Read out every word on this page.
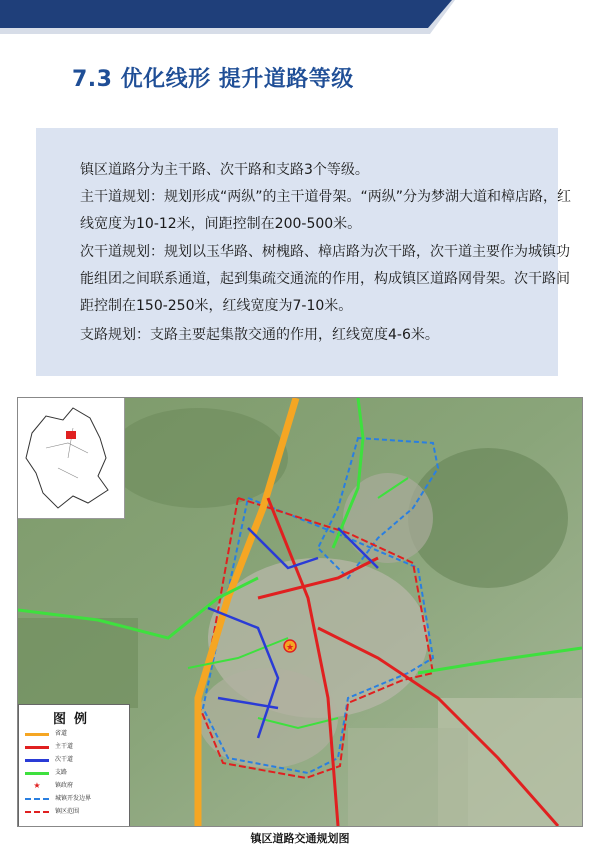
7.3 优化线形 提升道路等级
镇区道路分为主干路、次干路和支路3个等级。
主干道规划：规划形成“两纵”的主干道骨架。“两纵”分为梦湖大道和樟店路，红线宽度为10-12米，间距控制在200-500米。
次干道规划：规划以玉华路、树槐路、樟店路为次干路，次干道主要作为城镇功能组团之间联系通道，起到集疏交通流的作用，构成镇区道路网骨架。次干路间距控制在150-250米，红线宽度为7-10米。
支路规划：支路主要起集散交通的作用，红线宽度4-6米。
★
图例
省道
主干道
次干道
支路
★	镇政府
城镇开发边界
镇区范围
镇区道路交通规划图
